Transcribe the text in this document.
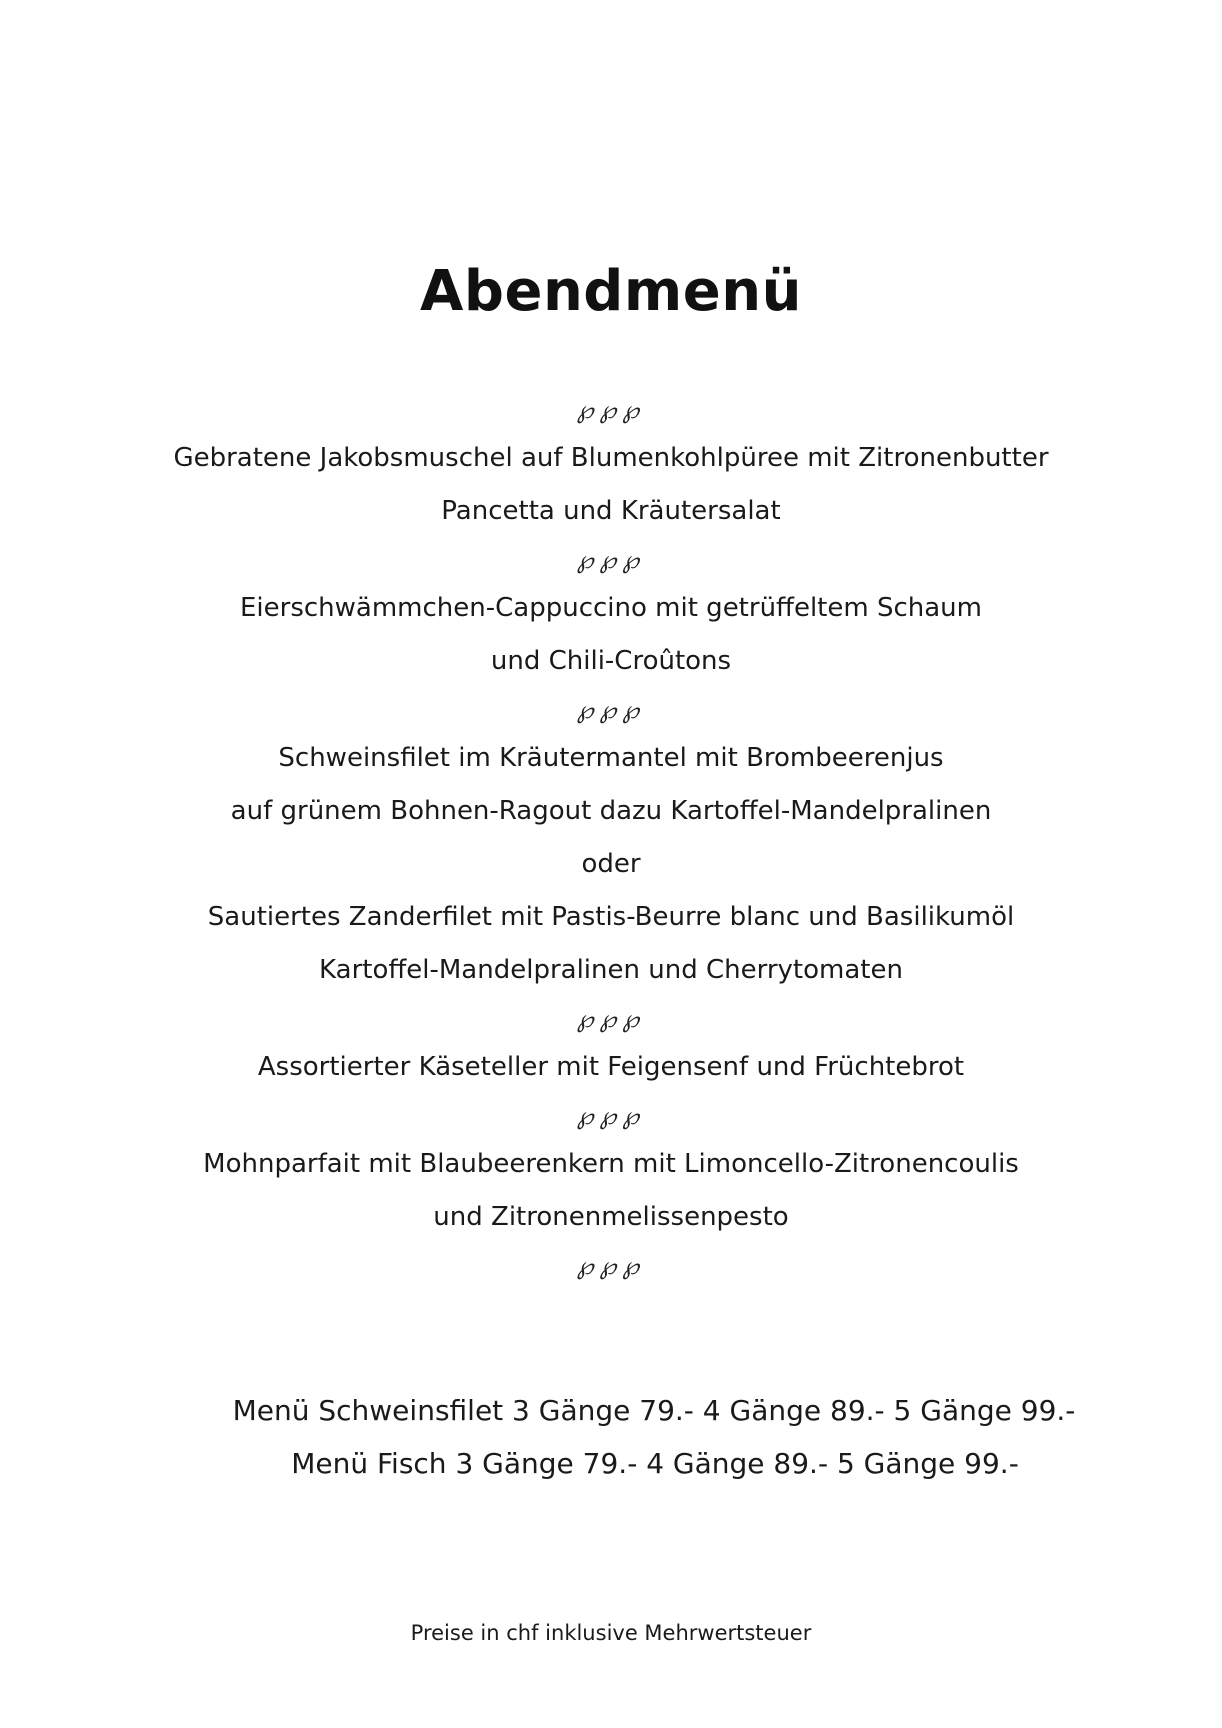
Abendmenü
℘℘℘
Gebratene Jakobsmuschel auf Blumenkohlpüree mit Zitronenbutter
Pancetta und Kräutersalat
℘℘℘
Eierschwämmchen-Cappuccino mit getrüffeltem Schaum
und Chili-Croûtons
℘℘℘
Schweinsfilet im Kräutermantel mit Brombeerenjus
auf grünem Bohnen-Ragout dazu Kartoffel-Mandelpralinen
oder
Sautiertes Zanderfilet mit Pastis-Beurre blanc und Basilikumöl
Kartoffel-Mandelpralinen und Cherrytomaten
℘℘℘
Assortierter Käseteller mit Feigensenf und Früchtebrot
℘℘℘
Mohnparfait mit Blaubeerenkern mit Limoncello-Zitronencoulis
und Zitronenmelissenpesto
℘℘℘
Menü Schweinsfilet 3 Gänge 79.- 4 Gänge 89.- 5 Gänge 99.-
Menü Fisch 3 Gänge 79.- 4 Gänge 89.- 5 Gänge 99.-
Preise in chf inklusive Mehrwertsteuer
